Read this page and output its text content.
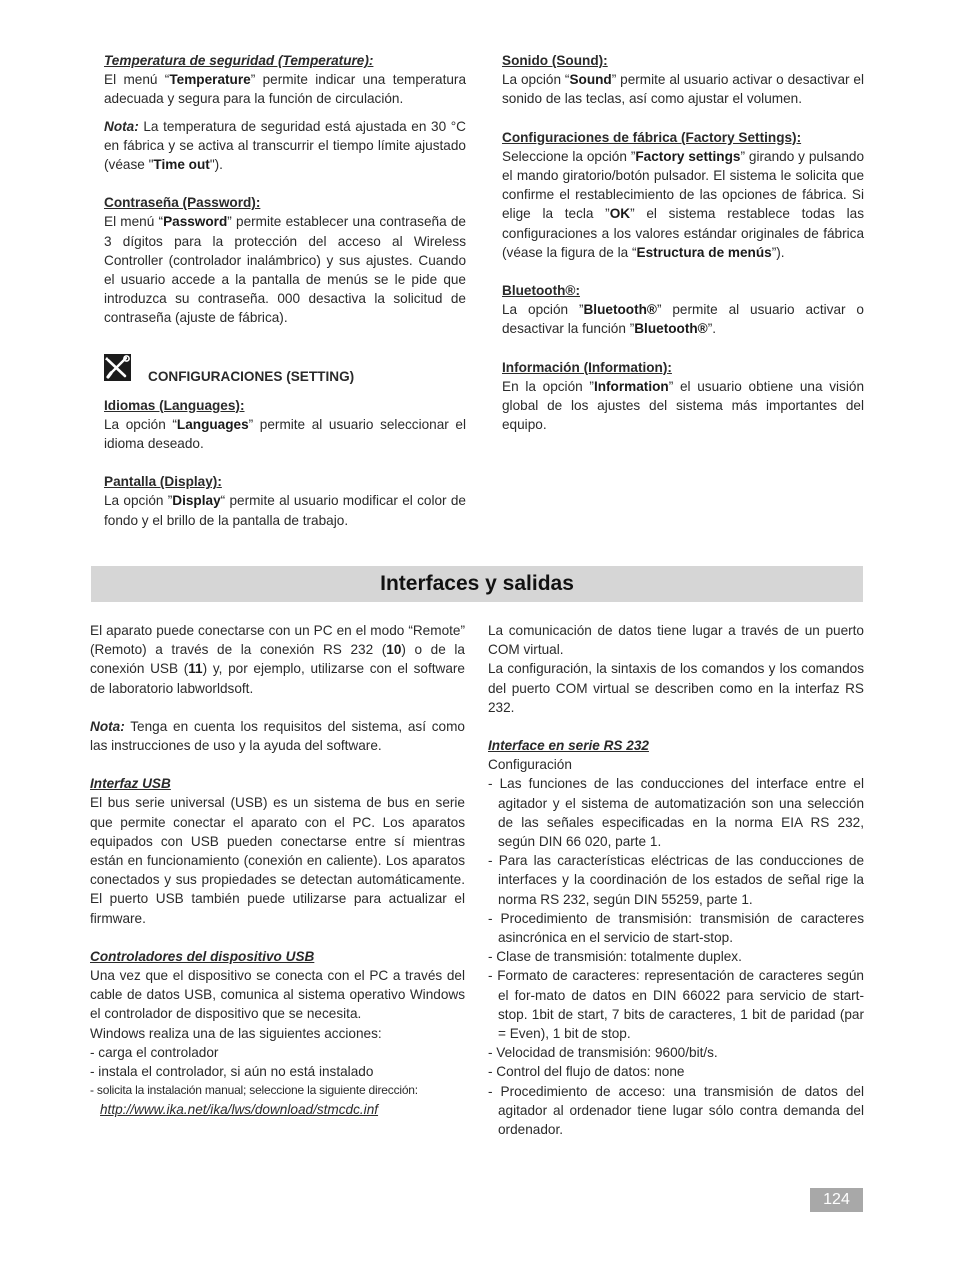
Temperatura de seguridad (Temperature):

El menú “Temperature” permite indicar una temperatura adecuada y segura para la función de circulación.

Nota: La temperatura de seguridad está ajustada en 30 °C en fábrica y se activa al transcurrir el tiempo límite ajustado (véase "Time out").

Contraseña (Password):

El menú “Password” permite establecer una contraseña de 3 dígitos para la protección del acceso al Wireless Controller (controlador inalámbrico) y sus ajustes. Cuando el usuario accede a la pantalla de menús se le pide que introduzca su contraseña. 000 desactiva la solicitud de contraseña (ajuste de fábrica).

CONFIGURACIONES (SETTING)

Idiomas (Languages):

La opción “Languages” permite al usuario seleccionar el idioma deseado.

Pantalla (Display):

La opción ”Display“ permite al usuario modificar el color de fondo y el brillo de la pantalla de trabajo.

Sonido (Sound):

La opción “Sound” permite al usuario activar o desactivar el sonido de las teclas, así como ajustar el volumen.

Configuraciones de fábrica (Factory Settings):

Seleccione la opción ”Factory settings” girando y pulsando el mando giratorio/botón pulsador. El sistema le solicita que confirme el restablecimiento de las opciones de fábrica. Si elige la tecla ”OK” el sistema restablece todas las configuraciones a los valores estándar originales de fábrica (véase la figura de la “Estructura de menús”).

Bluetooth®:

La opción ”Bluetooth®” permite al usuario activar o desactivar la función ”Bluetooth®”.

Información (Information):

En la opción ”Information” el usuario obtiene una visión global de los ajustes del sistema más importantes del equipo.

Interfaces y salidas

El aparato puede conectarse con un PC en el modo “Remote” (Remoto) a través de la conexión RS 232 (10) o de la conexión USB (11) y, por ejemplo, utilizarse con el software de laboratorio labworldsoft.

Nota: Tenga en cuenta los requisitos del sistema, así como las instrucciones de uso y la ayuda del software.

Interfaz USB

El bus serie universal (USB) es un sistema de bus en serie que permite conectar el aparato con el PC. Los aparatos equipados con USB pueden conectarse entre sí mientras están en funcionamiento (conexión en caliente). Los aparatos conectados y sus propiedades se detectan automáticamente. El puerto USB también puede utilizarse para actualizar el firmware.

Controladores del dispositivo USB

Una vez que el dispositivo se conecta con el PC a través del cable de datos USB, comunica al sistema operativo Windows el controlador de dispositivo que se necesita.

Windows realiza una de las siguientes acciones:

- carga el controlador

- instala el controlador, si aún no está instalado

- solicita la instalación manual; seleccione la siguiente dirección:

http://www.ika.net/ika/lws/download/stmcdc.inf

La comunicación de datos tiene lugar a través de un puerto COM virtual.

La configuración, la sintaxis de los comandos y los comandos del puerto COM virtual se describen como en la interfaz RS 232.

Interface en serie RS 232

Configuración

- Las funciones de las conducciones del interface entre el agitador y el sistema de automatización son una selección de las señales especificadas en la norma EIA RS 232, según DIN 66 020, parte 1.

- Para las características eléctricas de las conducciones de interfaces y la coordinación de los estados de señal rige la norma RS 232, según DIN 55259, parte 1.

- Procedimiento de transmisión: transmisión de caracteres asincrónica en el servicio de start-stop.

- Clase de transmisión: totalmente duplex.

- Formato de caracteres: representación de caracteres según el for-mato de datos en DIN 66022 para servicio de start-stop. 1bit de start, 7 bits de caracteres, 1 bit de paridad (par = Even), 1 bit de stop.

- Velocidad de transmisión: 9600/bit/s.

- Control del flujo de datos: none

- Procedimiento de acceso: una transmisión de datos del agitador al ordenador tiene lugar sólo contra demanda del ordenador.

124
